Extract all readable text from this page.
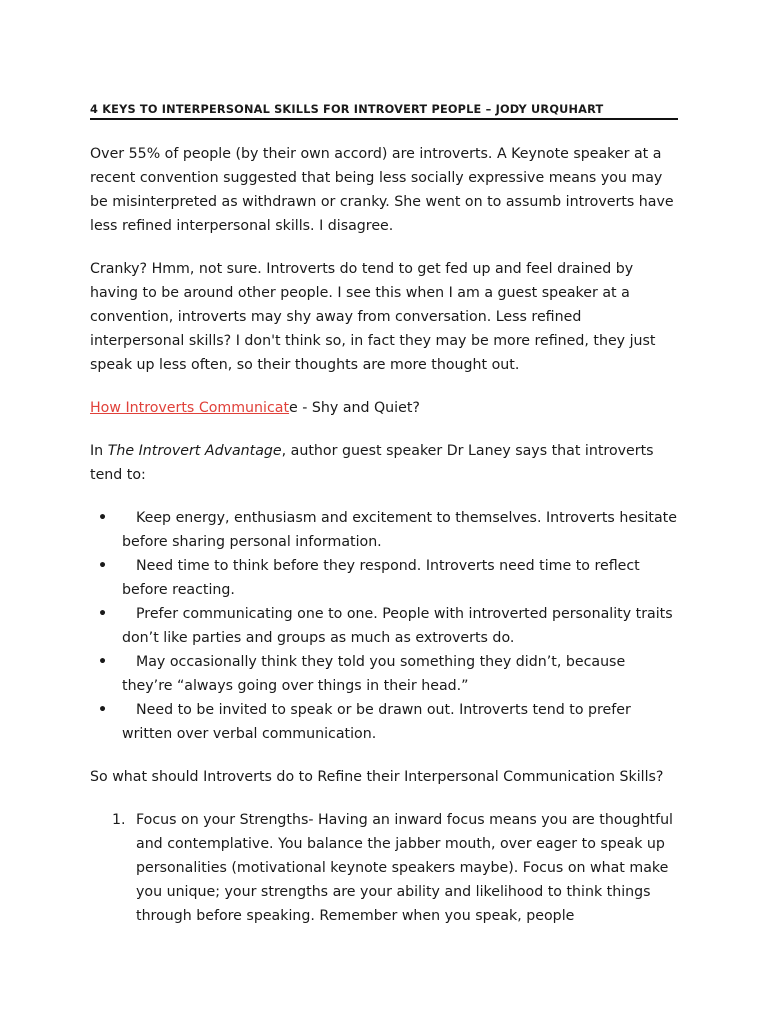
4 KEYS TO INTERPERSONAL SKILLS FOR INTROVERT PEOPLE – JODY URQUHART

Over 55% of people (by their own accord) are introverts. A Keynote speaker at a recent convention suggested that being less socially expressive means you may be misinterpreted as withdrawn or cranky. She went on to assumb introverts have less refined interpersonal skills. I disagree.

Cranky? Hmm, not sure. Introverts do tend to get fed up and feel drained by having to be around other people. I see this when I am a guest speaker at a convention, introverts may shy away from conversation. Less refined interpersonal skills? I don't think so, in fact they may be more refined, they just speak up less often, so their thoughts are more thought out.

How Introverts Communicate - Shy and Quiet?

In The Introvert Advantage, author guest speaker Dr Laney says that introverts tend to:

• Keep energy, enthusiasm and excitement to themselves. Introverts hesitate before sharing personal information.
• Need time to think before they respond. Introverts need time to reflect before reacting.
• Prefer communicating one to one. People with introverted personality traits don’t like parties and groups as much as extroverts do.
• May occasionally think they told you something they didn’t, because they’re “always going over things in their head.”
• Need to be invited to speak or be drawn out. Introverts tend to prefer written over verbal communication.

So what should Introverts do to Refine their Interpersonal Communication Skills?

1. Focus on your Strengths- Having an inward focus means you are thoughtful and contemplative. You balance the jabber mouth, over eager to speak up personalities (motivational keynote speakers maybe). Focus on what make you unique; your strengths are your ability and likelihood to think things through before speaking. Remember when you speak, people
